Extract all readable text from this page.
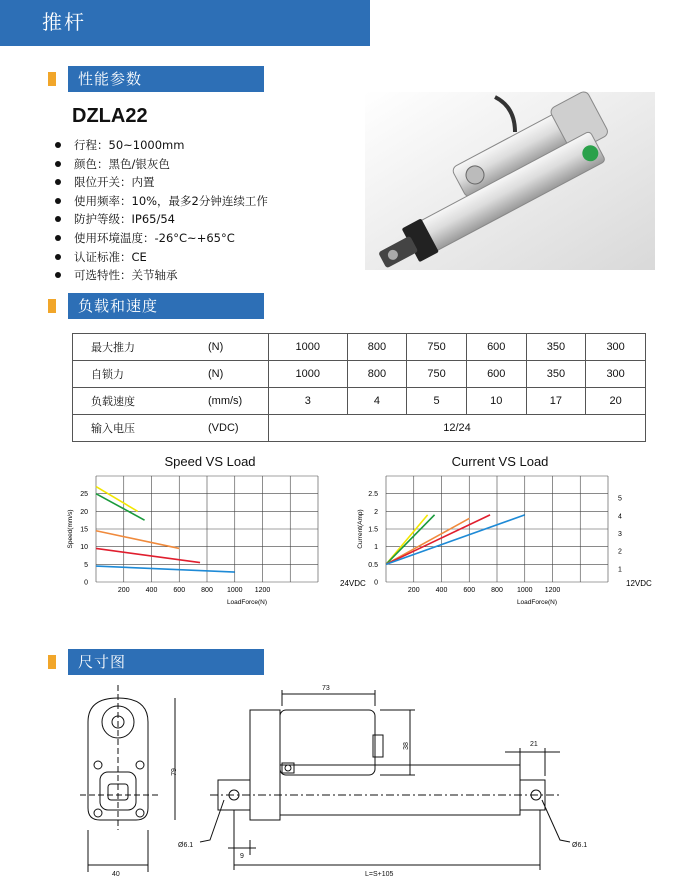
推杆
性能参数
DZLA22
行程：50~1000mm
颜色：黑色/银灰色
限位开关：内置
使用频率：10%，最多2分钟连续工作
防护等级：IP65/54
使用环境温度：-26°C~+65°C
认证标准：CE
可选特性：关节轴承
负载和速度
最大推力	(N)	1000	800	750	600	350	300
自锁力	(N)	1000	800	750	600	350	300
负载速度	(mm/s)	3	4	5	10	17	20
输入电压	(VDC)	12/24					
Speed VS Load	Current VS Load
200 400 600 800 1000 1200
0
5
10
15
20
25
LoadForce(N)
Speed(mm/s)
200 400 600 800 1000 1200
0
0.5
1
1.5
2
2.5
1
2
3
4
5
LoadForce(N)
Current(Amp)
24VDC	12VDC
尺寸图
73
38	21
79
40
9
Ø6.1	Ø6.1
L=S+105
